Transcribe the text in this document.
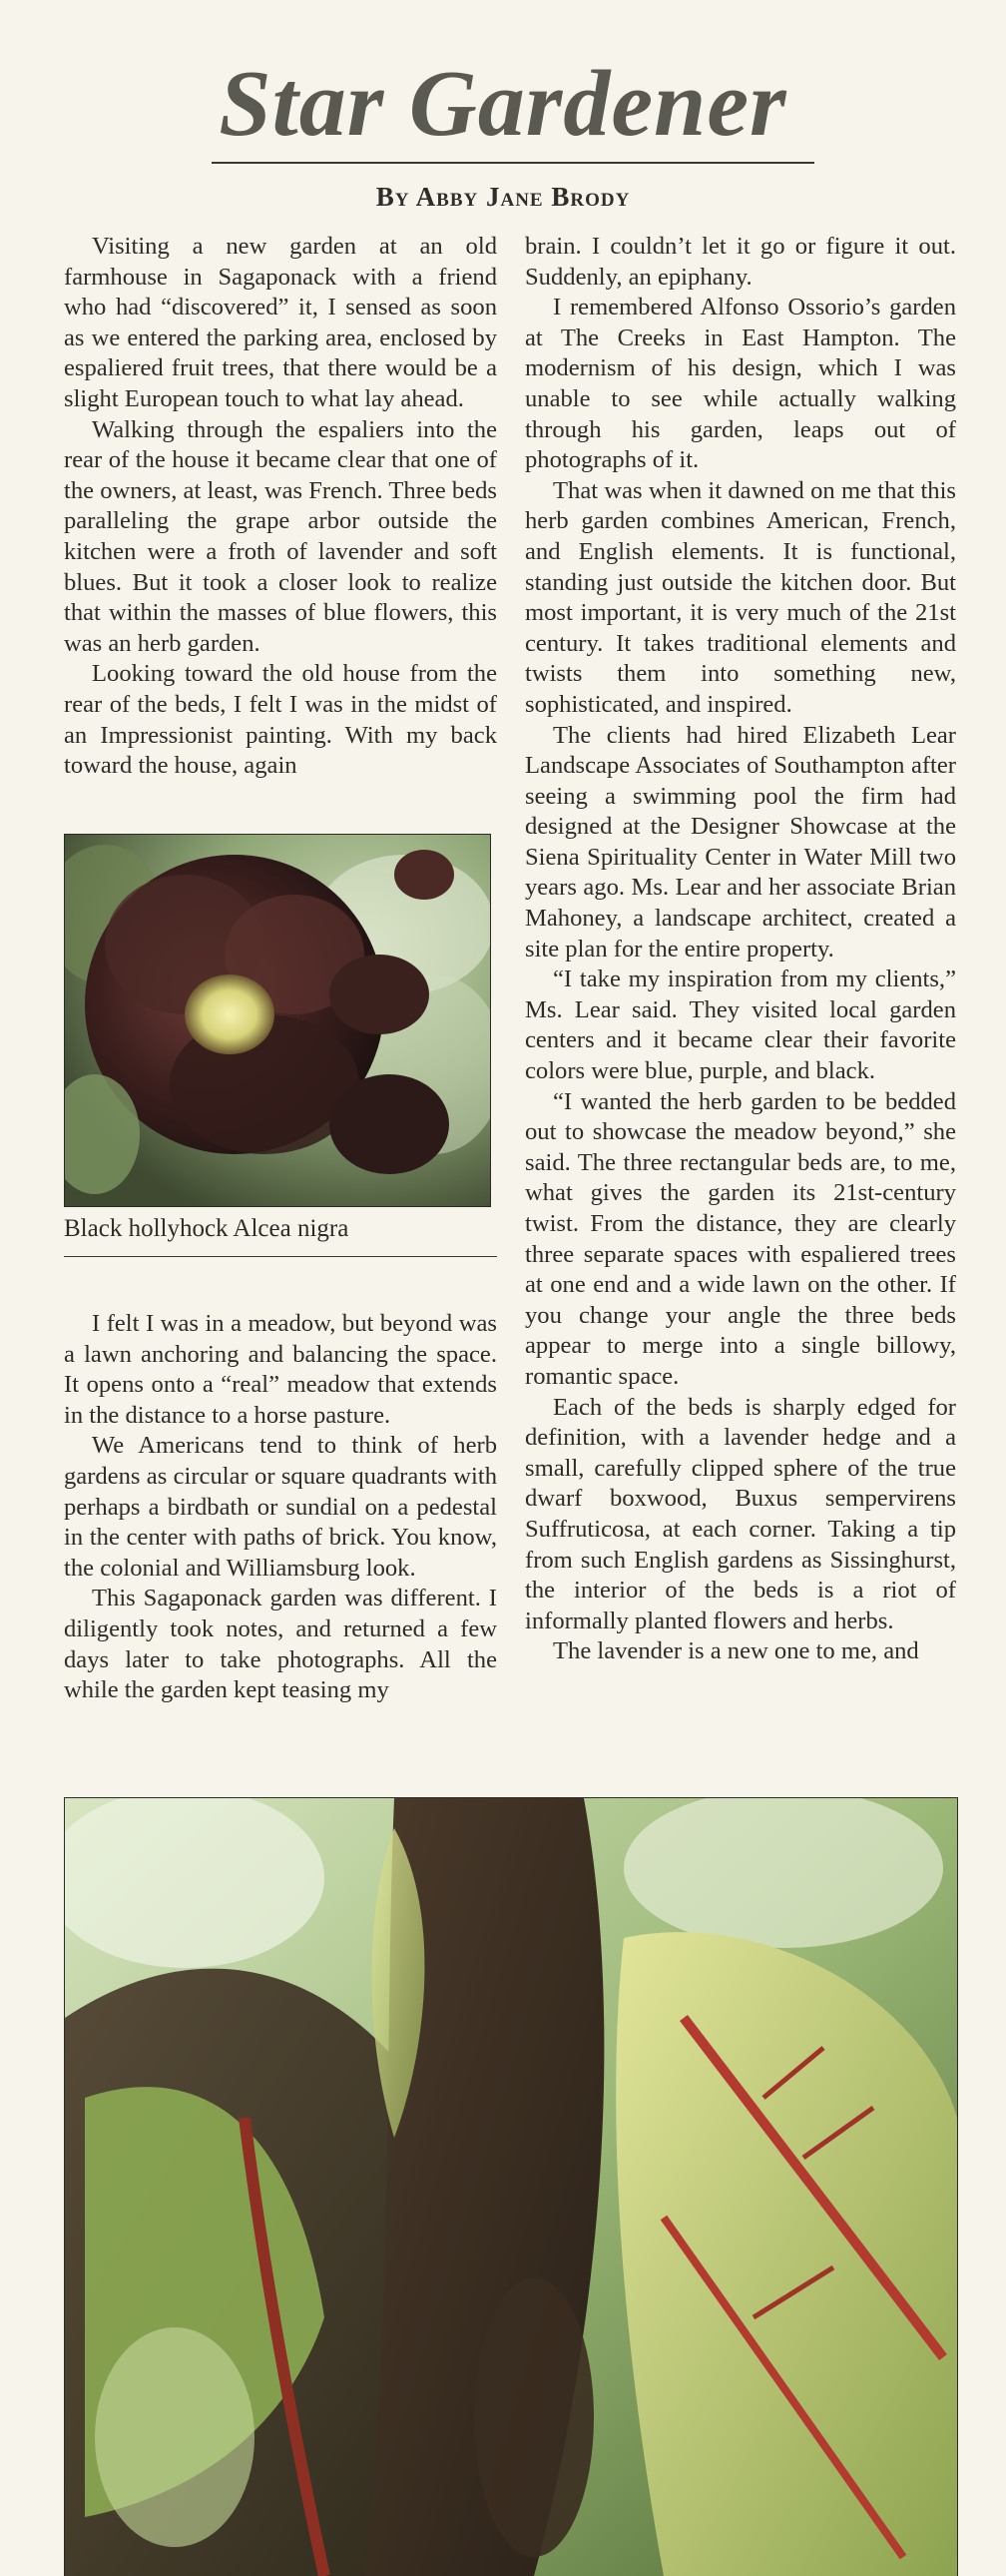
Star Gardener
By Abby Jane Brody

Visiting a new garden at an old farmhouse in Sagaponack with a friend who had “discovered” it, I sensed as soon as we entered the parking area, enclosed by espaliered fruit trees, that there would be a slight European touch to what lay ahead.

Walking through the espaliers into the rear of the house it became clear that one of the owners, at least, was French. Three beds paralleling the grape arbor outside the kitchen were a froth of lavender and soft blues. But it took a closer look to realize that within the masses of blue flowers, this was an herb garden.

Looking toward the old house from the rear of the beds, I felt I was in the midst of an Impressionist painting. With my back toward the house, again

Black hollyhock Alcea nigra

I felt I was in a meadow, but beyond was a lawn anchoring and balancing the space. It opens onto a “real” meadow that extends in the distance to a horse pasture.

We Americans tend to think of herb gardens as circular or square quadrants with perhaps a birdbath or sundial on a pedestal in the center with paths of brick. You know, the colonial and Williamsburg look.

This Sagaponack garden was different. I diligently took notes, and returned a few days later to take photographs. All the while the garden kept teasing my

brain. I couldn’t let it go or figure it out. Suddenly, an epiphany.

I remembered Alfonso Ossorio’s garden at The Creeks in East Hampton. The modernism of his design, which I was unable to see while actually walking through his garden, leaps out of photographs of it.

That was when it dawned on me that this herb garden combines American, French, and English elements. It is functional, standing just outside the kitchen door. But most important, it is very much of the 21st century. It takes traditional elements and twists them into something new, sophisticated, and inspired.

The clients had hired Elizabeth Lear Landscape Associates of Southampton after seeing a swimming pool the firm had designed at the Designer Showcase at the Siena Spirituality Center in Water Mill two years ago. Ms. Lear and her associate Brian Mahoney, a landscape architect, created a site plan for the entire property.

“I take my inspiration from my clients,” Ms. Lear said. They visited local garden centers and it became clear their favorite colors were blue, purple, and black.

“I wanted the herb garden to be bedded out to showcase the meadow beyond,” she said. The three rectangular beds are, to me, what gives the garden its 21st-century twist. From the distance, they are clearly three separate spaces with espaliered trees at one end and a wide lawn on the other. If you change your angle the three beds appear to merge into a single billowy, romantic space.

Each of the beds is sharply edged for definition, with a lavender hedge and a small, carefully clipped sphere of the true dwarf boxwood, Buxus sempervirens Suffruticosa, at each corner. Taking a tip from such English gardens as Sissinghurst, the interior of the beds is a riot of informally planted flowers and herbs.

The lavender is a new one to me, and
